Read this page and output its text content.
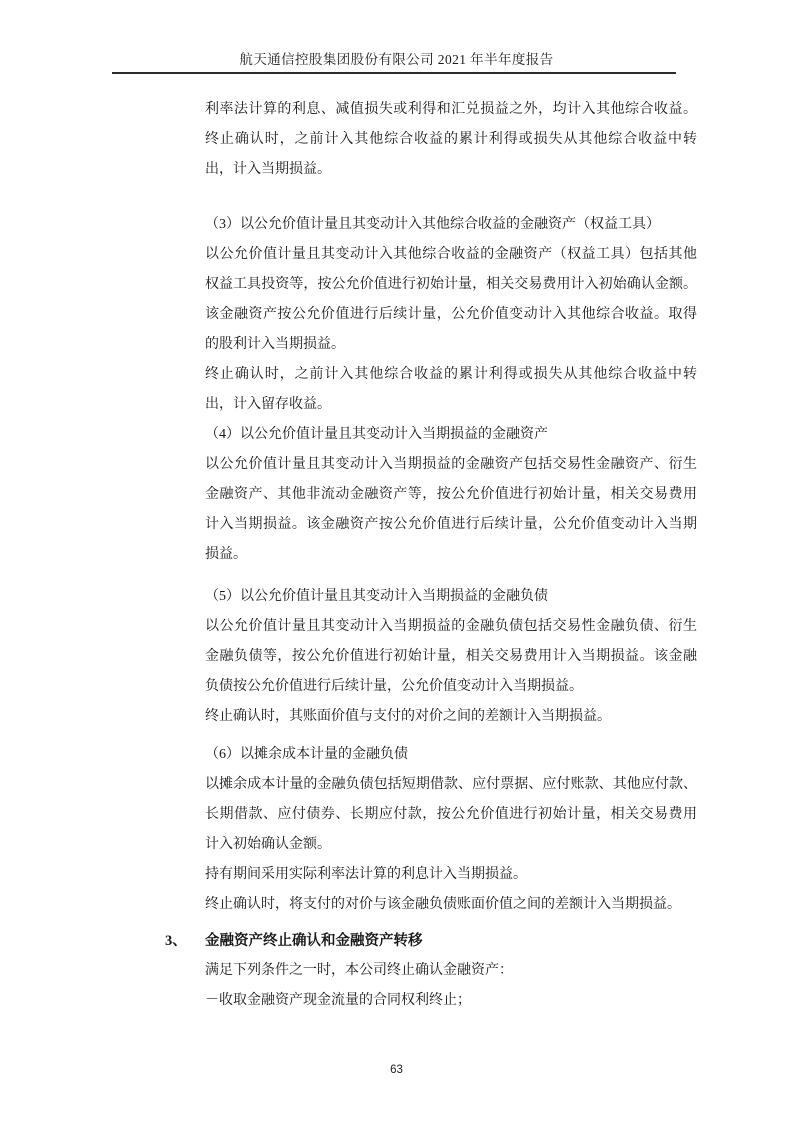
航天通信控股集团股份有限公司 2021 年半年度报告
利率法计算的利息、减值损失或利得和汇兑损益之外，均计入其他综合收益。
终止确认时，之前计入其他综合收益的累计利得或损失从其他综合收益中转
出，计入当期损益。
（3）以公允价值计量且其变动计入其他综合收益的金融资产（权益工具）
以公允价值计量且其变动计入其他综合收益的金融资产（权益工具）包括其他
权益工具投资等，按公允价值进行初始计量，相关交易费用计入初始确认金额。
该金融资产按公允价值进行后续计量，公允价值变动计入其他综合收益。取得
的股利计入当期损益。
终止确认时，之前计入其他综合收益的累计利得或损失从其他综合收益中转
出，计入留存收益。
（4）以公允价值计量且其变动计入当期损益的金融资产
以公允价值计量且其变动计入当期损益的金融资产包括交易性金融资产、衍生
金融资产、其他非流动金融资产等，按公允价值进行初始计量，相关交易费用
计入当期损益。该金融资产按公允价值进行后续计量，公允价值变动计入当期
损益。
（5）以公允价值计量且其变动计入当期损益的金融负债
以公允价值计量且其变动计入当期损益的金融负债包括交易性金融负债、衍生
金融负债等，按公允价值进行初始计量，相关交易费用计入当期损益。该金融
负债按公允价值进行后续计量，公允价值变动计入当期损益。
终止确认时，其账面价值与支付的对价之间的差额计入当期损益。
（6）以摊余成本计量的金融负债
以摊余成本计量的金融负债包括短期借款、应付票据、应付账款、其他应付款、
长期借款、应付债券、长期应付款，按公允价值进行初始计量，相关交易费用
计入初始确认金额。
持有期间采用实际利率法计算的利息计入当期损益。
终止确认时，将支付的对价与该金融负债账面价值之间的差额计入当期损益。
3、 金融资产终止确认和金融资产转移
满足下列条件之一时，本公司终止确认金融资产：
－收取金融资产现金流量的合同权利终止；
63
